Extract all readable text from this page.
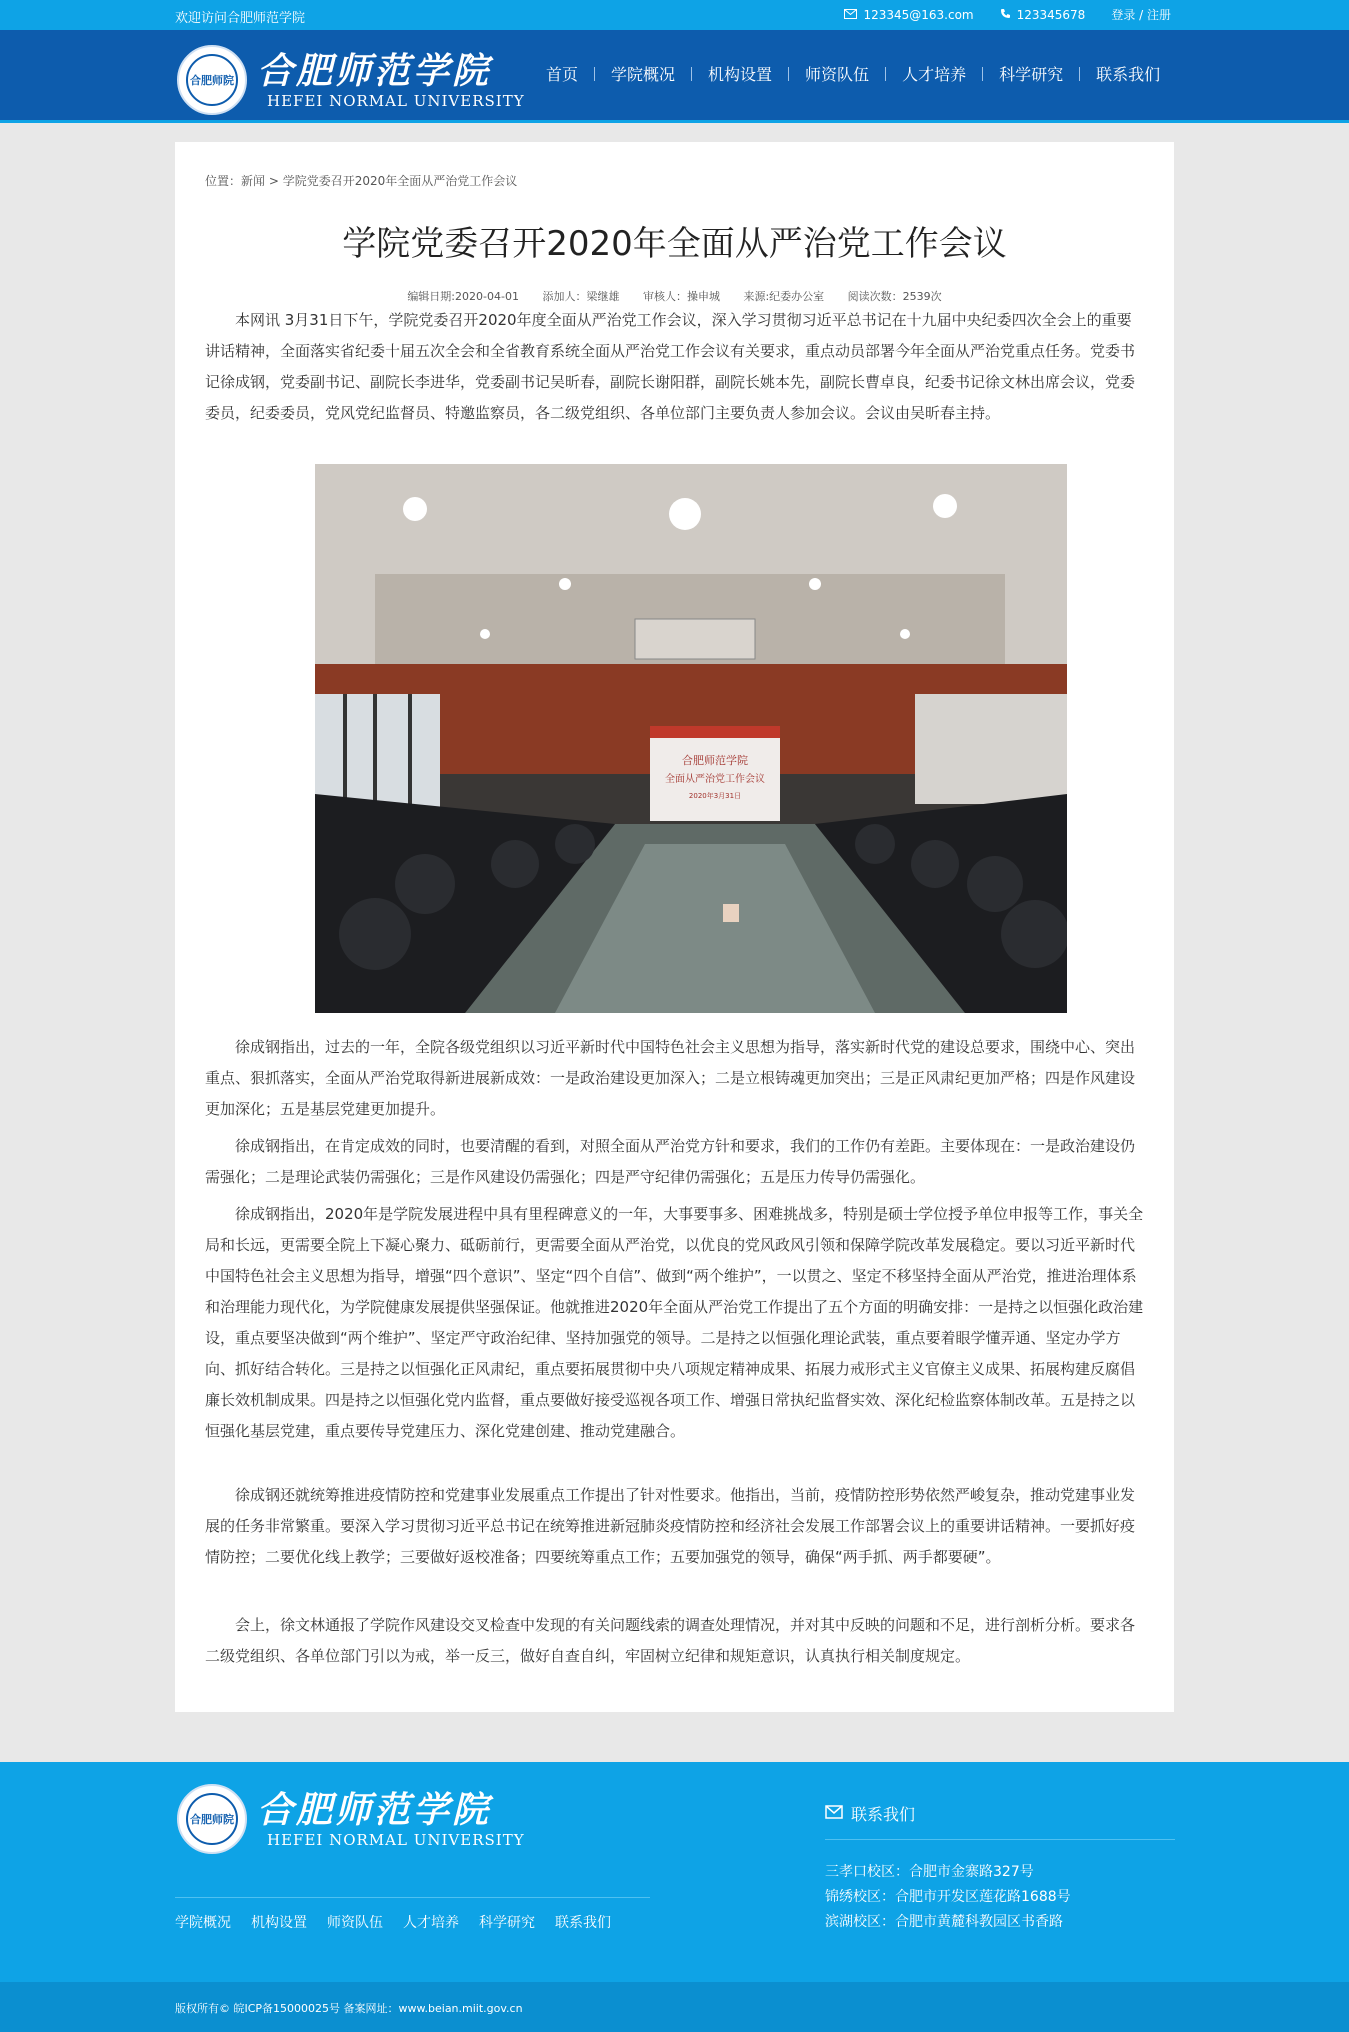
欢迎访问合肥师范学院	123345@163.com	123345678 登录 / 注册
合肥师院 合肥师范学院
HEFEI NORMAL UNIVERSITY
首页	学院概况	机构设置	师资队伍	人才培养	科学研究	联系我们
位置：新闻 > 学院党委召开2020年全面从严治党工作会议
学院党委召开2020年全面从严治党工作会议
编辑日期:2020-04-01 添加人：梁继雄 审核人：操申城 来源:纪委办公室 阅读次数：2539次

本网讯 3月31日下午，学院党委召开2020年度全面从严治党工作会议，深入学习贯彻习近平总书记在十九届中央纪委四次全会上的重要讲话精神，全面落实省纪委十届五次全会和全省教育系统全面从严治党工作会议有关要求，重点动员部署今年全面从严治党重点任务。党委书记徐成钢，党委副书记、副院长李进华，党委副书记吴昕春，副院长谢阳群，副院长姚本先，副院长曹卓良，纪委书记徐文林出席会议，党委委员，纪委委员，党风党纪监督员、特邀监察员，各二级党组织、各单位部门主要负责人参加会议。会议由吴昕春主持。

合肥师范学院
全面从严治党工作会议
2020年3月31日

徐成钢指出，过去的一年，全院各级党组织以习近平新时代中国特色社会主义思想为指导，落实新时代党的建设总要求，围绕中心、突出重点、狠抓落实，全面从严治党取得新进展新成效：一是政治建设更加深入；二是立根铸魂更加突出；三是正风肃纪更加严格；四是作风建设更加深化；五是基层党建更加提升。

徐成钢指出，在肯定成效的同时，也要清醒的看到，对照全面从严治党方针和要求，我们的工作仍有差距。主要体现在：一是政治建设仍需强化；二是理论武装仍需强化；三是作风建设仍需强化；四是严守纪律仍需强化；五是压力传导仍需强化。

徐成钢指出，2020年是学院发展进程中具有里程碑意义的一年，大事要事多、困难挑战多，特别是硕士学位授予单位申报等工作，事关全局和长远，更需要全院上下凝心聚力、砥砺前行，更需要全面从严治党，以优良的党风政风引领和保障学院改革发展稳定。要以习近平新时代中国特色社会主义思想为指导，增强“四个意识”、坚定“四个自信”、做到“两个维护”，一以贯之、坚定不移坚持全面从严治党，推进治理体系和治理能力现代化，为学院健康发展提供坚强保证。他就推进2020年全面从严治党工作提出了五个方面的明确安排：一是持之以恒强化政治建设，重点要坚决做到“两个维护”、坚定严守政治纪律、坚持加强党的领导。二是持之以恒强化理论武装，重点要着眼学懂弄通、坚定办学方向、抓好结合转化。三是持之以恒强化正风肃纪，重点要拓展贯彻中央八项规定精神成果、拓展力戒形式主义官僚主义成果、拓展构建反腐倡廉长效机制成果。四是持之以恒强化党内监督，重点要做好接受巡视各项工作、增强日常执纪监督实效、深化纪检监察体制改革。五是持之以恒强化基层党建，重点要传导党建压力、深化党建创建、推动党建融合。

徐成钢还就统筹推进疫情防控和党建事业发展重点工作提出了针对性要求。他指出，当前，疫情防控形势依然严峻复杂，推动党建事业发展的任务非常繁重。要深入学习贯彻习近平总书记在统筹推进新冠肺炎疫情防控和经济社会发展工作部署会议上的重要讲话精神。一要抓好疫情防控；二要优化线上教学；三要做好返校准备；四要统筹重点工作；五要加强党的领导，确保“两手抓、两手都要硬”。

会上，徐文林通报了学院作风建设交叉检查中发现的有关问题线索的调查处理情况，并对其中反映的问题和不足，进行剖析分析。要求各二级党组织、各单位部门引以为戒，举一反三，做好自查自纠，牢固树立纪律和规矩意识，认真执行相关制度规定。

合肥师院 合肥师范学院
HEFEI NORMAL UNIVERSITY
学院概况 机构设置 师资队伍 人才培养 科学研究 联系我们
联系我们
三孝口校区：合肥市金寨路327号
锦绣校区：合肥市开发区莲花路1688号
滨湖校区：合肥市黄麓科教园区书香路
版权所有© 皖ICP备15000025号 备案网址：www.beian.miit.gov.cn
